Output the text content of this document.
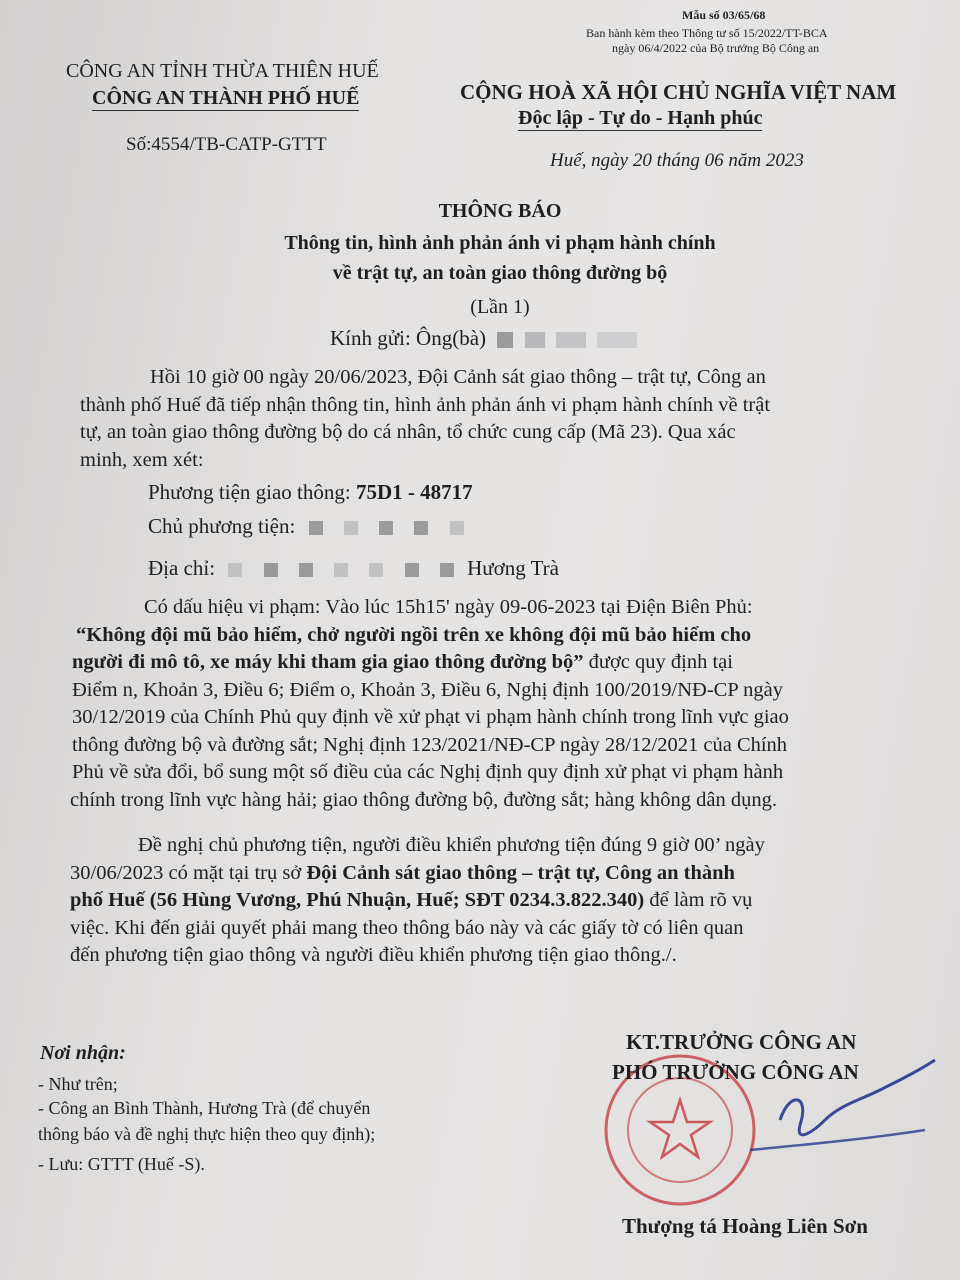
Mẫu số 03/65/68
Ban hành kèm theo Thông tư số 15/2022/TT-BCA
ngày 06/4/2022 của Bộ trưởng Bộ Công an
CÔNG AN TỈNH THỪA THIÊN HUẾ
CÔNG AN THÀNH PHỐ HUẾ
Số:4554/TB-CATP-GTTT
CỘNG HOÀ XÃ HỘI CHỦ NGHĨA VIỆT NAM
Độc lập - Tự do - Hạnh phúc
Huế, ngày 20 tháng 06 năm 2023
THÔNG BÁO
Thông tin, hình ảnh phản ánh vi phạm hành chính
về trật tự, an toàn giao thông đường bộ
(Lần 1)
Kính gửi: Ông(bà)
Hồi 10 giờ 00 ngày 20/06/2023, Đội Cảnh sát giao thông – trật tự, Công an
thành phố Huế đã tiếp nhận thông tin, hình ảnh phản ánh vi phạm hành chính về trật
tự, an toàn giao thông đường bộ do cá nhân, tổ chức cung cấp (Mã 23). Qua xác
minh, xem xét:
Phương tiện giao thông: 75D1 - 48717
Chủ phương tiện:
Địa chỉ:	Hương Trà
Có dấu hiệu vi phạm: Vào lúc 15h15' ngày 09-06-2023 tại Điện Biên Phủ:
“Không đội mũ bảo hiểm, chở người ngồi trên xe không đội mũ bảo hiểm cho
người đi mô tô, xe máy khi tham gia giao thông đường bộ” được quy định tại
Điểm n, Khoản 3, Điều 6; Điểm o, Khoản 3, Điều 6, Nghị định 100/2019/NĐ-CP ngày
30/12/2019 của Chính Phủ quy định về xử phạt vi phạm hành chính trong lĩnh vực giao
thông đường bộ và đường sắt; Nghị định 123/2021/NĐ-CP ngày 28/12/2021 của Chính
Phủ về sửa đổi, bổ sung một số điều của các Nghị định quy định xử phạt vi phạm hành
chính trong lĩnh vực hàng hải; giao thông đường bộ, đường sắt; hàng không dân dụng.
Đề nghị chủ phương tiện, người điều khiển phương tiện đúng 9 giờ 00’ ngày
30/06/2023 có mặt tại trụ sở Đội Cảnh sát giao thông – trật tự, Công an thành
phố Huế (56 Hùng Vương, Phú Nhuận, Huế; SĐT 0234.3.822.340) để làm rõ vụ
việc. Khi đến giải quyết phải mang theo thông báo này và các giấy tờ có liên quan
đến phương tiện giao thông và người điều khiển phương tiện giao thông./.
Nơi nhận:
- Như trên;
- Công an Bình Thành, Hương Trà (để chuyển
thông báo và đề nghị thực hiện theo quy định);
- Lưu: GTTT (Huế -S).
KT.TRƯỞNG CÔNG AN
PHÓ TRƯỞNG CÔNG AN
Thượng tá Hoàng Liên Sơn
